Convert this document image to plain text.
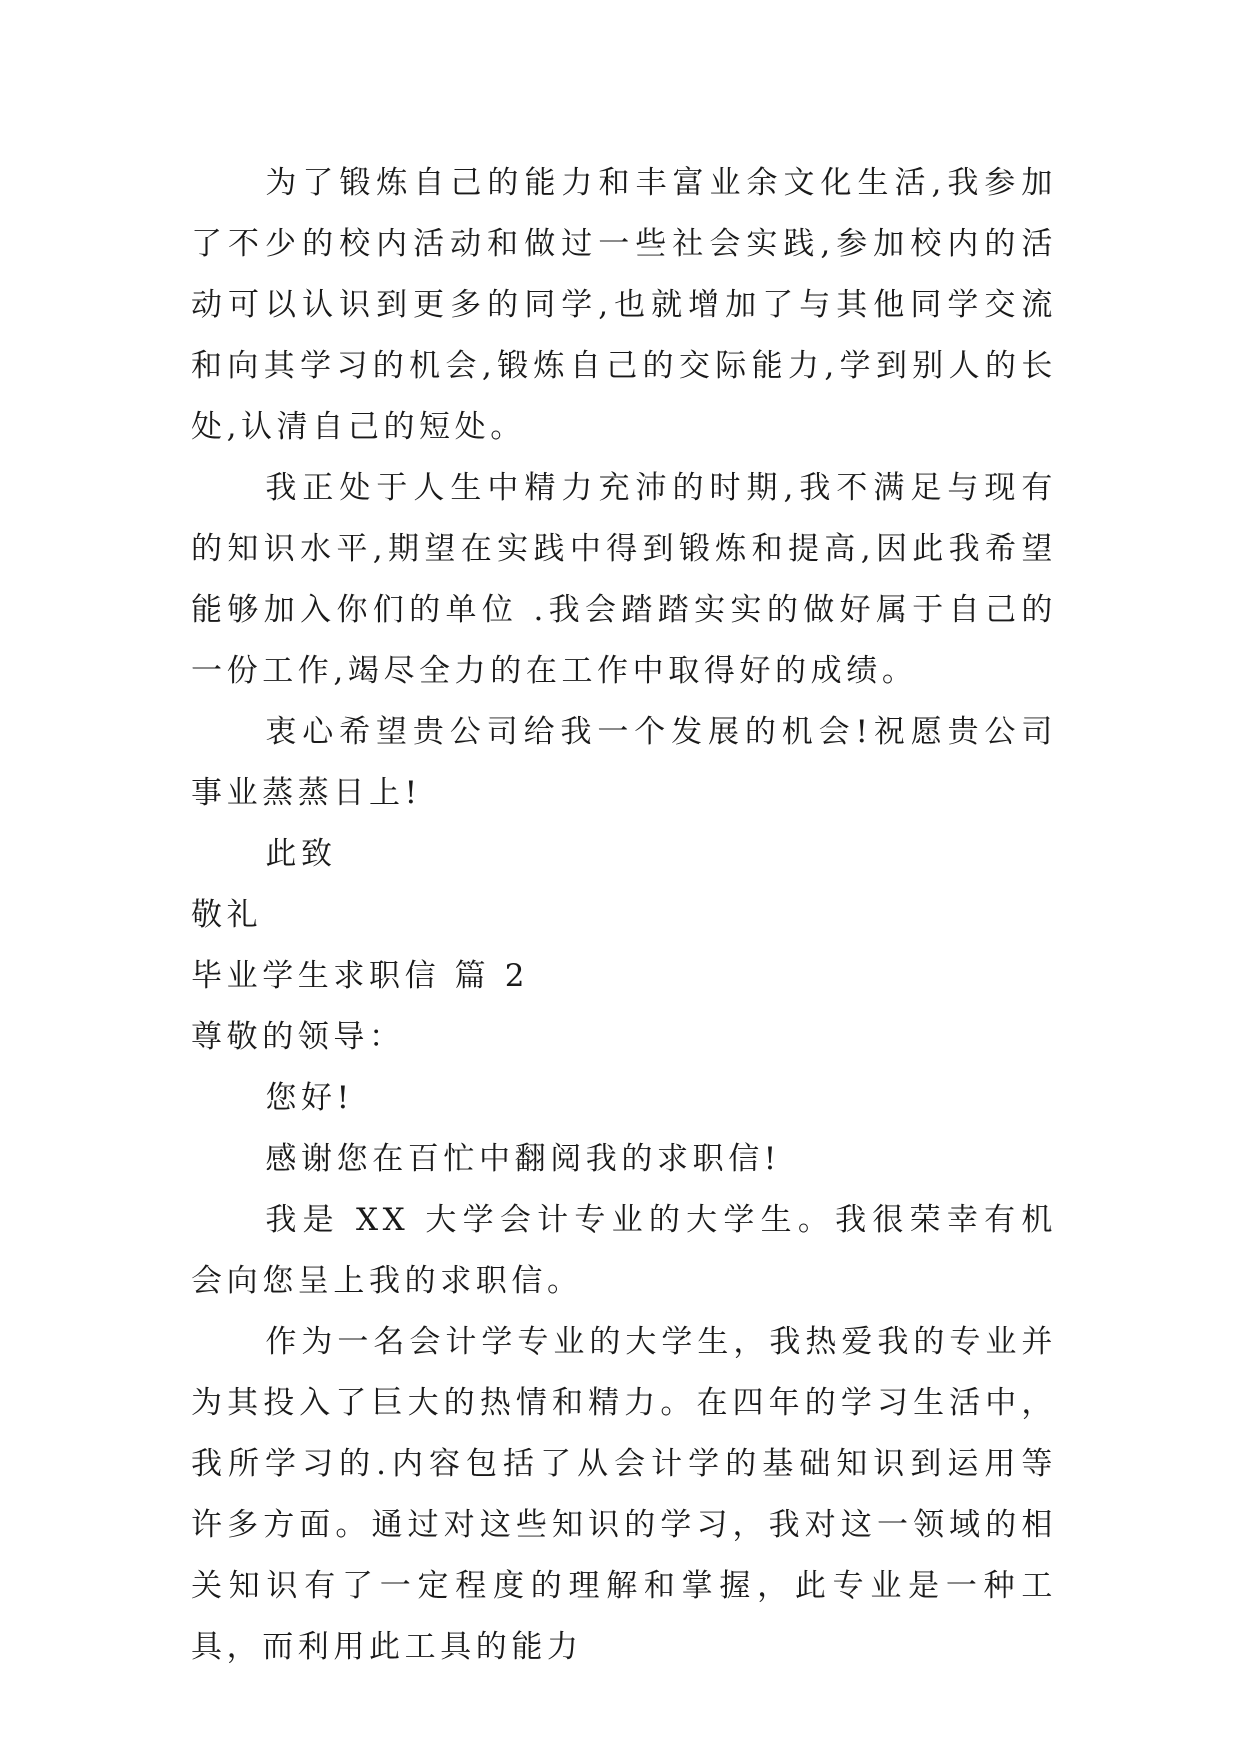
为了锻炼自己的能力和丰富业余文化生活,我参加了不少的校内活动和做过一些社会实践,参加校内的活动可以认识到更多的同学,也就增加了与其他同学交流和向其学习的机会,锻炼自己的交际能力,学到别人的长处,认清自己的短处。

我正处于人生中精力充沛的时期,我不满足与现有的知识水平,期望在实践中得到锻炼和提高,因此我希望能够加入你们的单位 .我会踏踏实实的做好属于自己的一份工作,竭尽全力的在工作中取得好的成绩。

衷心希望贵公司给我一个发展的机会!祝愿贵公司事业蒸蒸日上!

此致

敬礼

毕业学生求职信 篇 2

尊敬的领导：

您好!

感谢您在百忙中翻阅我的求职信!

我是 XX 大学会计专业的大学生。我很荣幸有机会向您呈上我的求职信。

作为一名会计学专业的大学生，我热爱我的专业并为其投入了巨大的热情和精力。在四年的学习生活中，我所学习的.内容包括了从会计学的基础知识到运用等许多方面。通过对这些知识的学习，我对这一领域的相关知识有了一定程度的理解和掌握，此专业是一种工具，而利用此工具的能力
